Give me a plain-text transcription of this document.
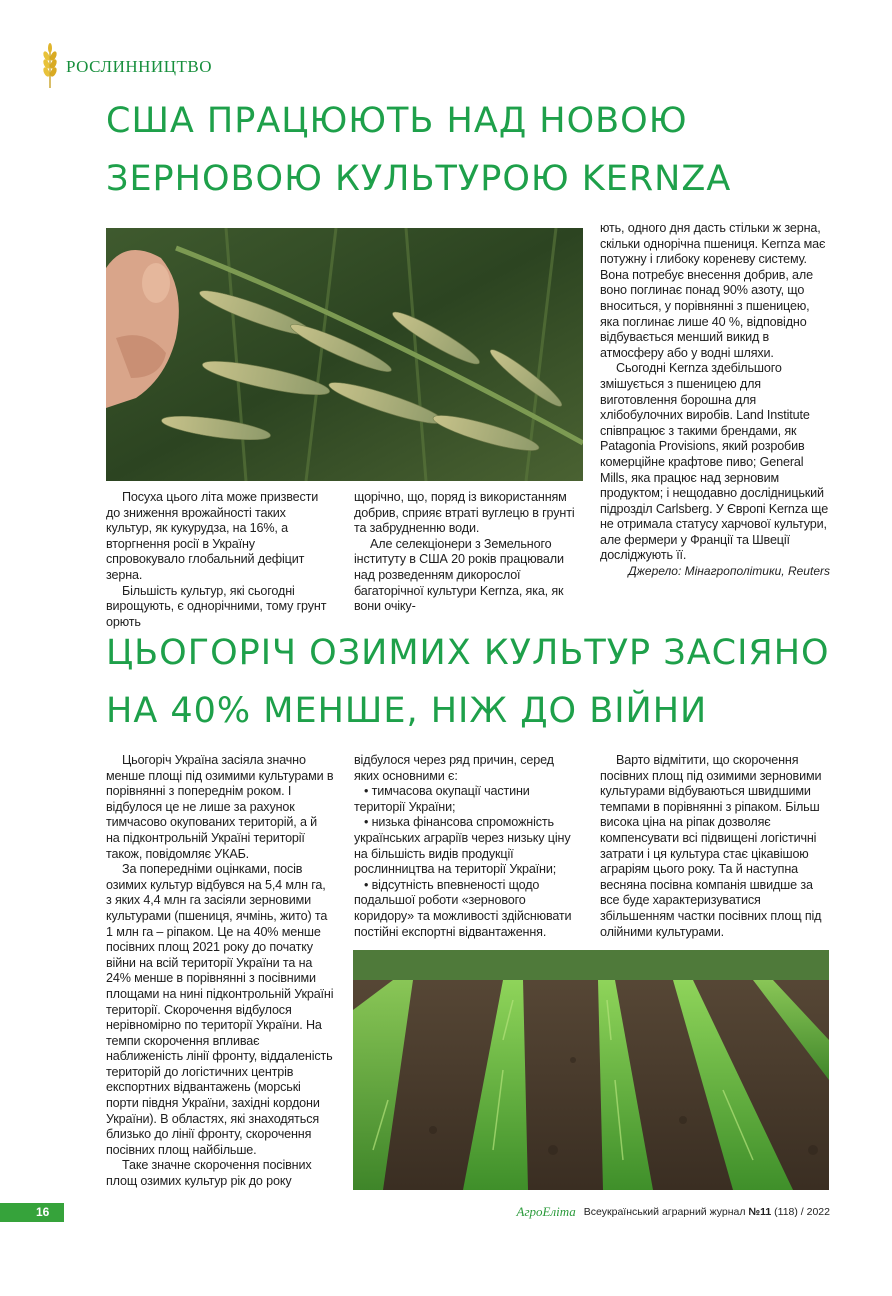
РОСЛИННИЦТВО
США ПРАЦЮЮТЬ НАД НОВОЮ
ЗЕРНОВОЮ КУЛЬТУРОЮ KERNZA

Посуха цього літа може призвести до зниження врожайності таких культур, як кукурудза, на 16%, а вторгнення росії в Україну спровокувало глобальний дефіцит зерна.

Більшість культур, які сьогодні вирощують, є однорічними, тому грунт орють

щорічно, що, поряд із використанням добрив, сприяє втраті вуглецю в грунті та забрудненню води.

Але селекціонери з Земельного інституту в США 20 років працювали над розведенням дикорослої багаторічної культури Kernza, яка, як вони очіку-

ють, одного дня дасть стільки ж зерна, скільки однорічна пшениця. Kernza має потужну і глибоку кореневу систему. Вона потребує внесення добрив, але воно поглинає понад 90% азоту, що вноситься, у порівнянні з пшеницею, яка поглинає лише 40 %, відповідно відбувається менший викид в атмосферу або у водні шляхи.

Сьогодні Kernza здебільшого змішується з пшеницею для виготовлення борошна для хлібобулочних виробів. Land Institute співпрацює з такими брендами, як Patagonia Provisions, який розробив комерційне крафтове пиво; General Mills, яка працює над зерновим продуктом; і нещодавно дослідницький підрозділ Carlsberg. У Європі Kernza ще не отримала статусу харчової культури, але фермери у Франції та Швеції досліджують її.

Джерело: Мінагрополітики, Reuters
ЦЬОГОРІЧ ОЗИМИХ КУЛЬТУР ЗАСІЯНО
НА 40% МЕНШЕ, НІЖ ДО ВІЙНИ

Цьогоріч Україна засіяла значно менше площі під озимими культурами в порівнянні з попереднім роком. І відбулося це не лише за рахунок тимчасово окупованих територій, а й на підконтрольній Україні території також, повідомляє УКАБ.

За попередніми оцінками, посів озимих культур відбувся на 5,4 млн га, з яких 4,4 млн га засіяли зерновими культурами (пшениця, ячмінь, жито) та 1 млн га – ріпаком. Це на 40% менше посівних площ 2021 року до початку війни на всій території України та на 24% менше в порівнянні з посівними площами на нині підконтрольній Україні території. Скорочення відбулося нерівномірно по території України. На темпи скорочення впливає наближеність лінії фронту, віддаленість територій до логістичних центрів експортних відвантажень (морські порти півдня України, західні кордони України). В областях, які знаходяться близько до лінії фронту, скорочення посівних площ найбільше.

Таке значне скорочення посівних площ озимих культур рік до року

відбулося через ряд причин, серед яких основними є:

• тимчасова окупації частини території України;

• низька фінансова спроможність українських аграріїв через низьку ціну на більшість видів продукції рослинництва на території України;

• відсутність впевненості щодо подальшої роботи «зернового коридору» та можливості здійснювати постійні експортні відвантаження.

Варто відмітити, що скорочення посівних площ під озимими зерновими культурами відбуваються швидшими темпами в порівнянні з ріпаком. Більш висока ціна на ріпак дозволяє компенсувати всі підвищені логістичні затрати і ця культура стає цікавішою аграріям цього року. Та й наступна весняна посівна компанія швидше за все буде характеризуватися збільшенням частки посівних площ під олійними культурами.

16	АгроЕліта Всеукраїнський аграрний журнал
№11
(118)
/ 2022
